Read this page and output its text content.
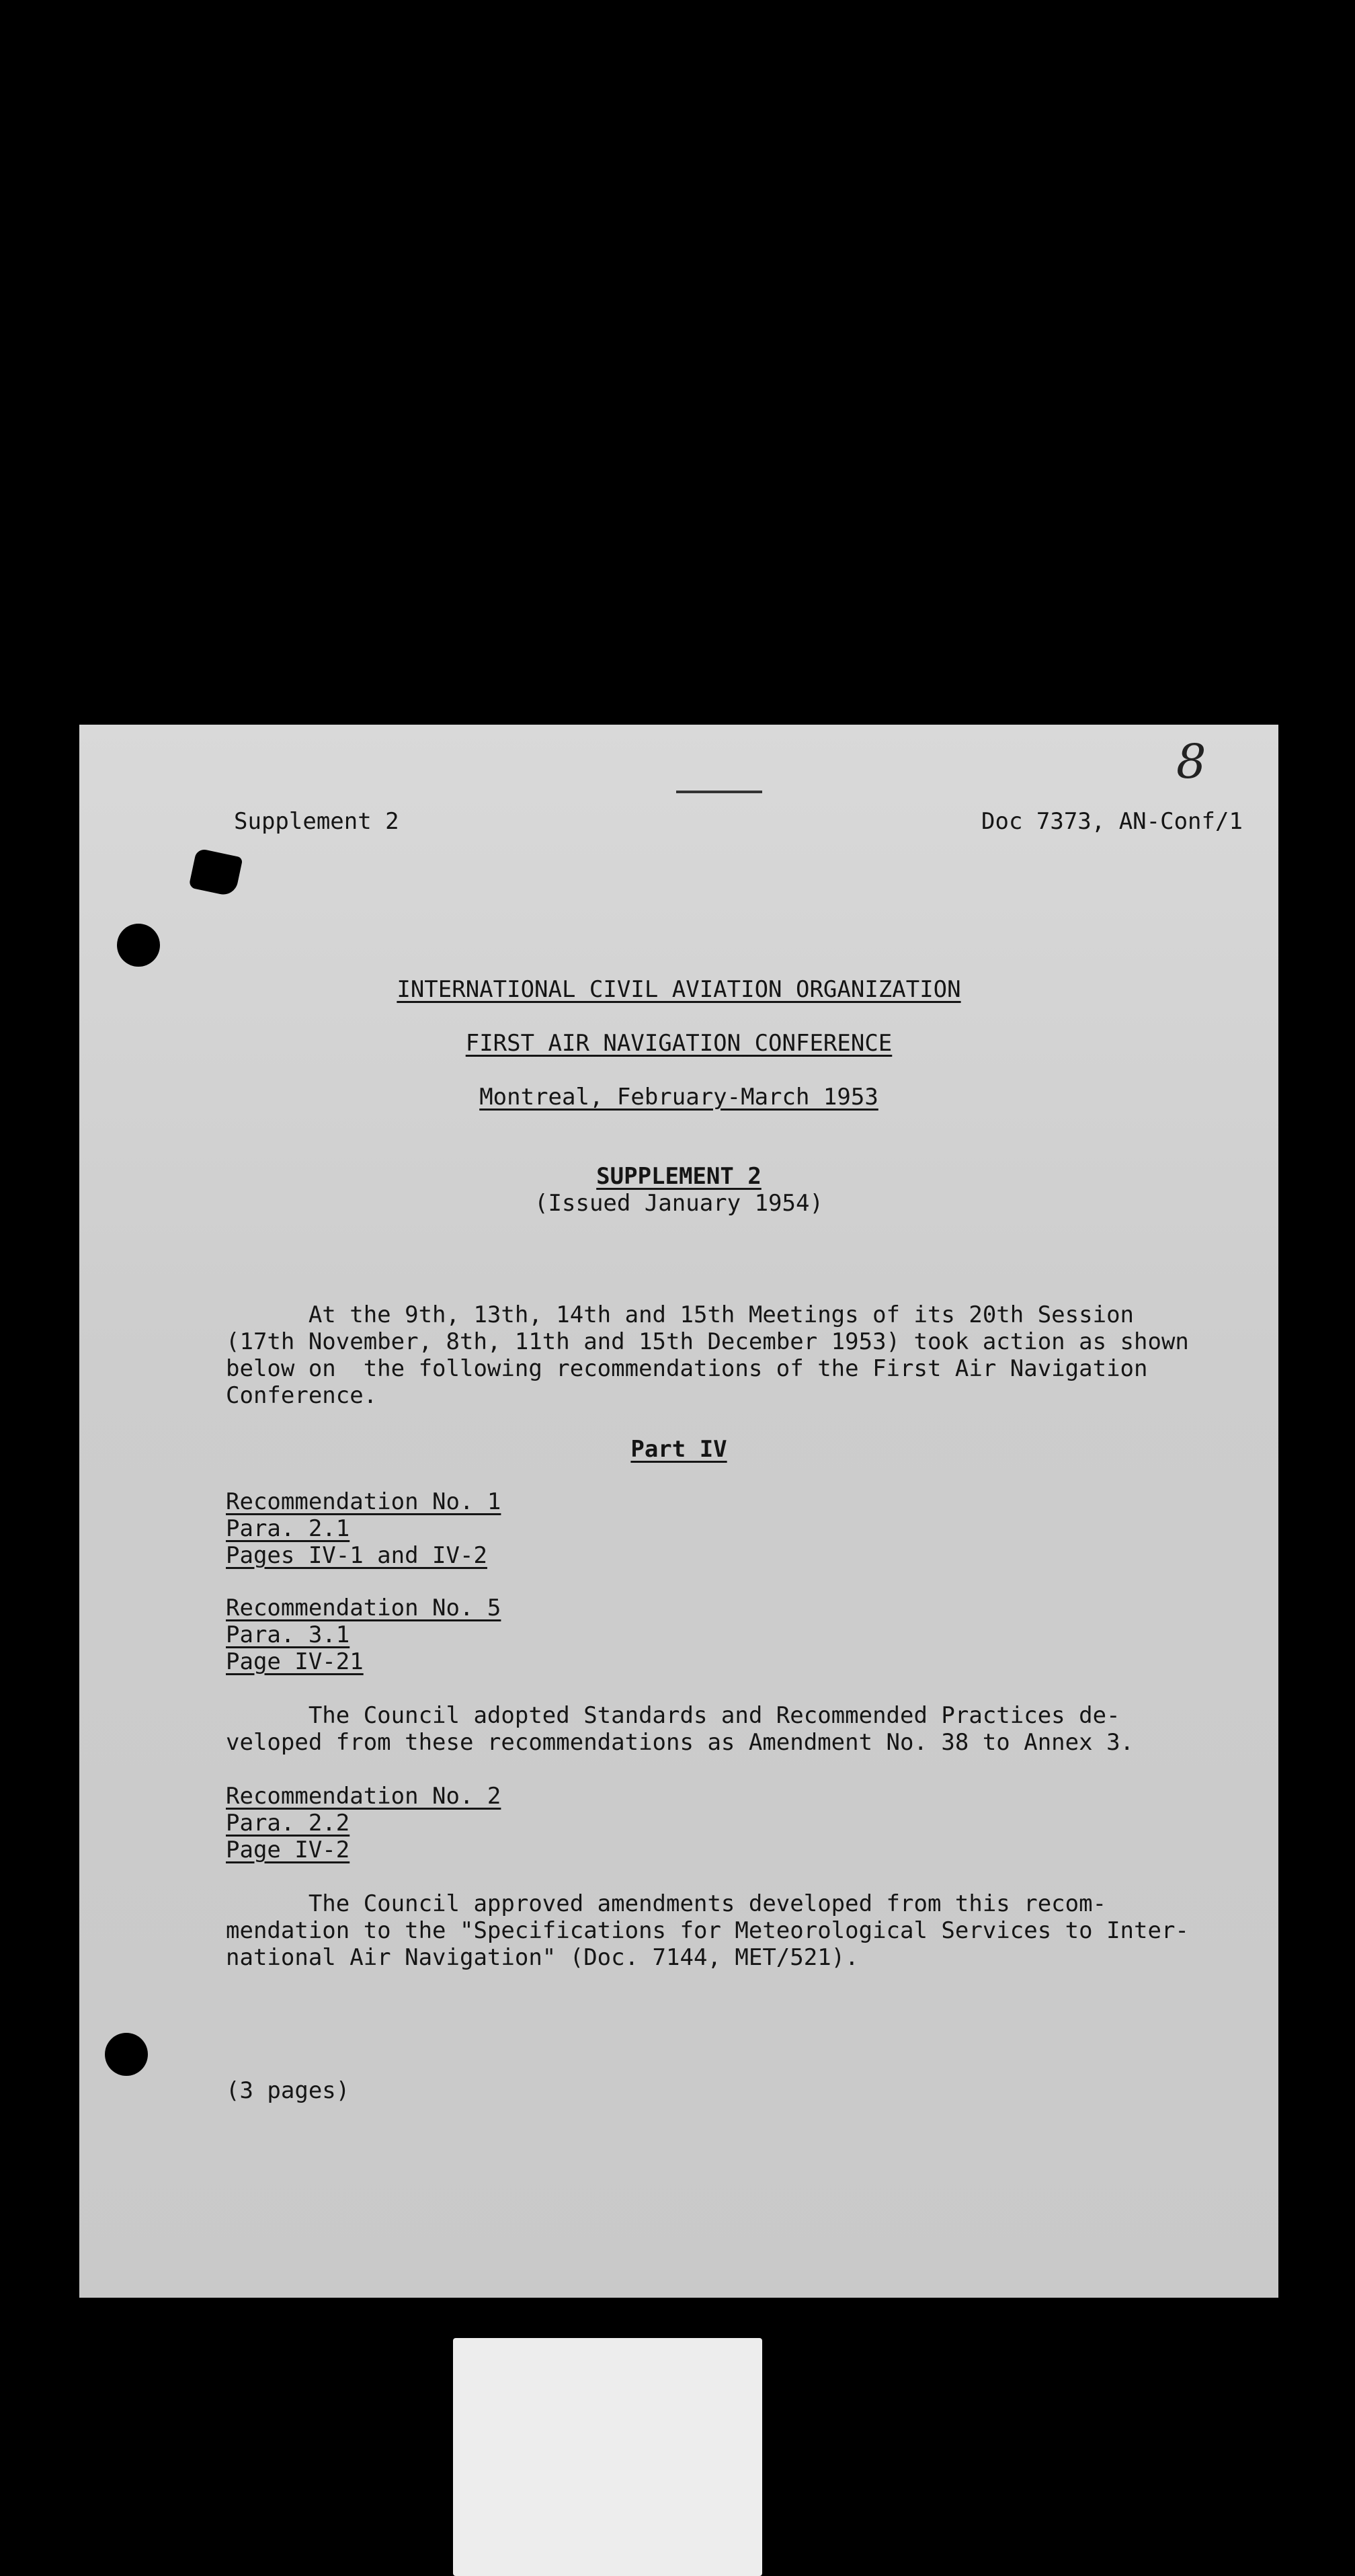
8
Supplement 2	Doc 7373, AN-Conf/1
INTERNATIONAL CIVIL AVIATION ORGANIZATION
FIRST AIR NAVIGATION CONFERENCE
Montreal, February-March 1953
SUPPLEMENT 2
(Issued January 1954)
At the 9th, 13th, 14th and 15th Meetings of its 20th Session
(17th November, 8th, 11th and 15th December 1953) took action as shown
below on  the following recommendations of the First Air Navigation
Conference.
Part IV
Recommendation No. 1
Para. 2.1
Pages IV-1 and IV-2
Recommendation No. 5
Para. 3.1
Page IV-21
The Council adopted Standards and Recommended Practices de-
veloped from these recommendations as Amendment No. 38 to Annex 3.
Recommendation No. 2
Para. 2.2
Page IV-2
The Council approved amendments developed from this recom-
mendation to the "Specifications for Meteorological Services to Inter-
national Air Navigation" (Doc. 7144, MET/521).
(3 pages)
